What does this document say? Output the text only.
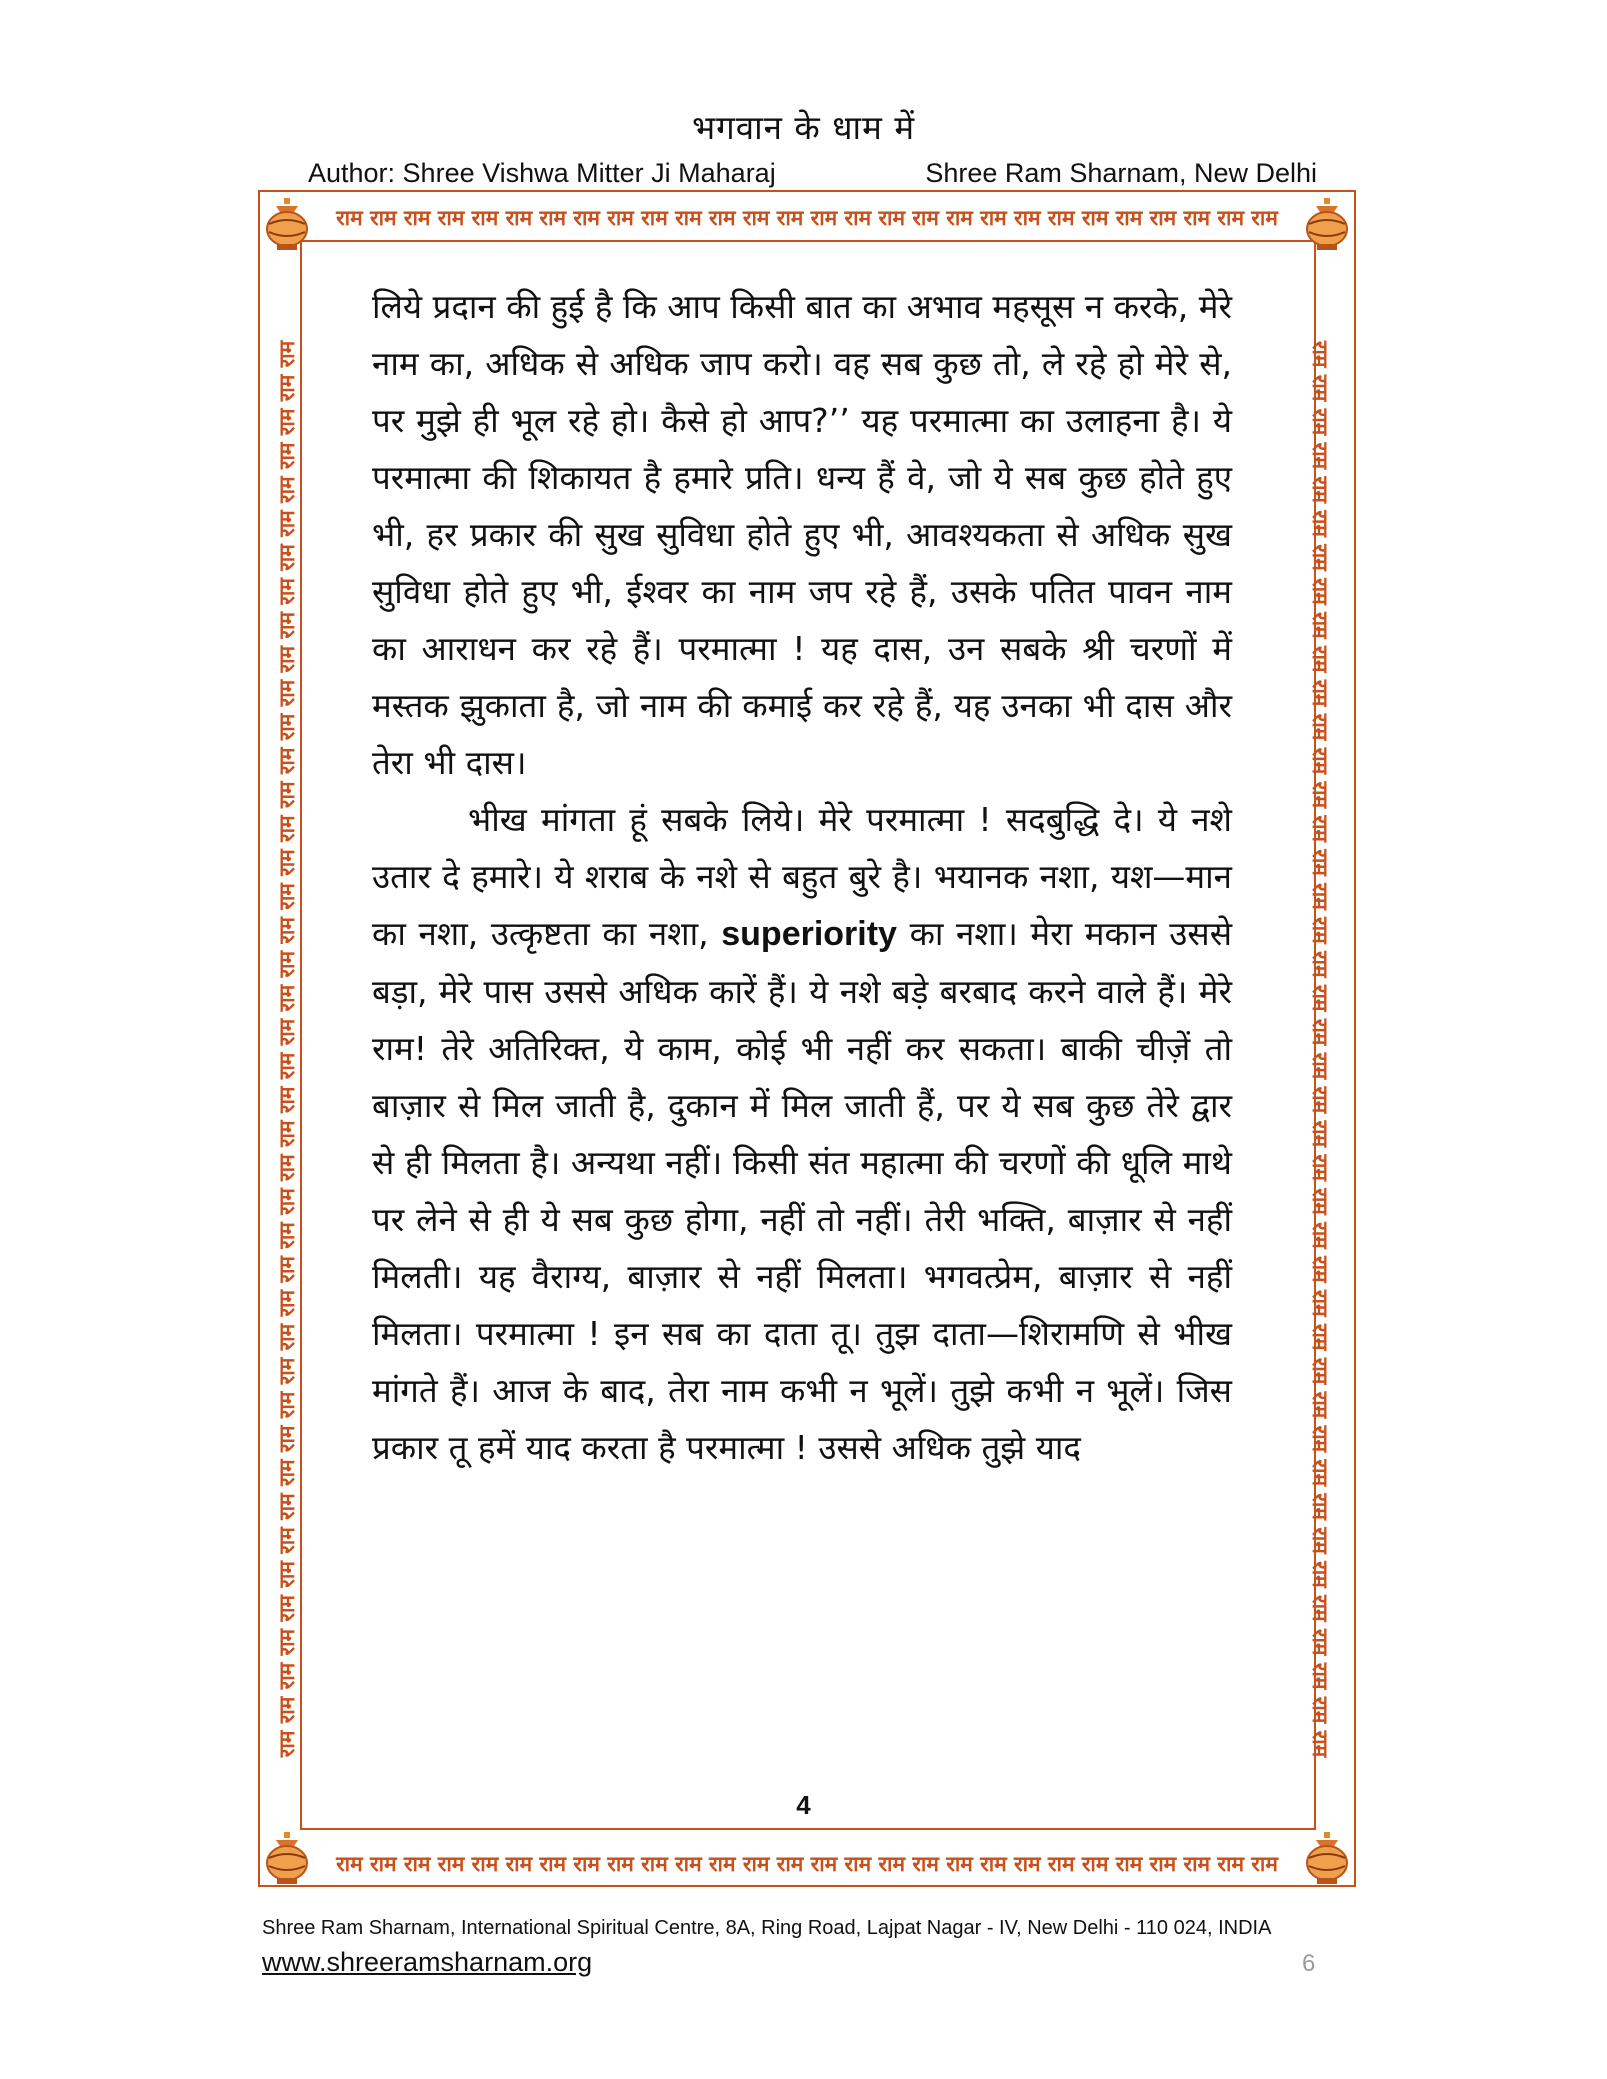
भगवान के धाम में
Author: Shree Vishwa Mitter Ji Maharaj	Shree Ram Sharnam, New Delhi
राम राम राम राम राम राम राम राम राम राम राम राम राम राम राम राम राम राम राम राम राम राम राम राम राम राम राम राम
राम राम राम राम राम राम राम राम राम राम राम राम राम राम राम राम राम राम राम राम राम राम राम राम राम राम राम राम
राम राम राम राम राम राम राम राम राम राम राम राम राम राम राम राम राम राम राम राम राम राम राम राम राम राम राम राम राम राम राम राम राम राम राम राम राम राम राम राम राम राम	राम राम राम राम राम राम राम राम राम राम राम राम राम राम राम राम राम राम राम राम राम राम राम राम राम राम राम राम राम राम राम राम राम राम राम राम राम राम राम राम राम राम

लिये प्रदान की हुई है कि आप किसी बात का अभाव महसूस न करके, मेरे नाम का, अधिक से अधिक जाप करो। वह सब कुछ तो, ले रहे हो मेरे से, पर मुझे ही भूल रहे हो। कैसे हो आप?’’ यह परमात्मा का उलाहना है। ये परमात्मा की शिकायत है हमारे प्रति। धन्य हैं वे, जो ये सब कुछ होते हुए भी, हर प्रकार की सुख सुविधा होते हुए भी, आवश्यकता से अधिक सुख सुविधा होते हुए भी, ईश्वर का नाम जप रहे हैं, उसके पतित पावन नाम का आराधन कर रहे हैं। परमात्मा ! यह दास, उन सबके श्री चरणों में मस्तक झुकाता है, जो नाम की कमाई कर रहे हैं, यह उनका भी दास और तेरा भी दास।

भीख मांगता हूं सबके लिये। मेरे परमात्मा ! सदबुद्धि दे। ये नशे उतार दे हमारे। ये शराब के नशे से बहुत बुरे है। भयानक नशा, यश—मान का नशा, उत्कृष्टता का नशा, superiority का नशा। मेरा मकान उससे बड़ा, मेरे पास उससे अधिक कारें हैं। ये नशे बड़े बरबाद करने वाले हैं। मेरे राम! तेरे अतिरिक्त, ये काम, कोई भी नहीं कर सकता। बाकी चीज़ें तो बाज़ार से मिल जाती है, दुकान में मिल जाती हैं, पर ये सब कुछ तेरे द्वार से ही मिलता है। अन्यथा नहीं। किसी संत महात्मा की चरणों की धूलि माथे पर लेने से ही ये सब कुछ होगा, नहीं तो नहीं। तेरी भक्ति, बाज़ार से नहीं मिलती। यह वैराग्य, बाज़ार से नहीं मिलता। भगवत्प्रेम, बाज़ार से नहीं मिलता। परमात्मा ! इन सब का दाता तू। तुझ दाता—शिरामणि से भीख मांगते हैं। आज के बाद, तेरा नाम कभी न भूलें। तुझे कभी न भूलें। जिस प्रकार तू हमें याद करता है परमात्मा ! उससे अधिक तुझे याद

4
Shree Ram Sharnam, International Spiritual Centre, 8A, Ring Road, Lajpat Nagar - IV, New Delhi - 110 024, INDIA
www.shreeramsharnam.org	6
